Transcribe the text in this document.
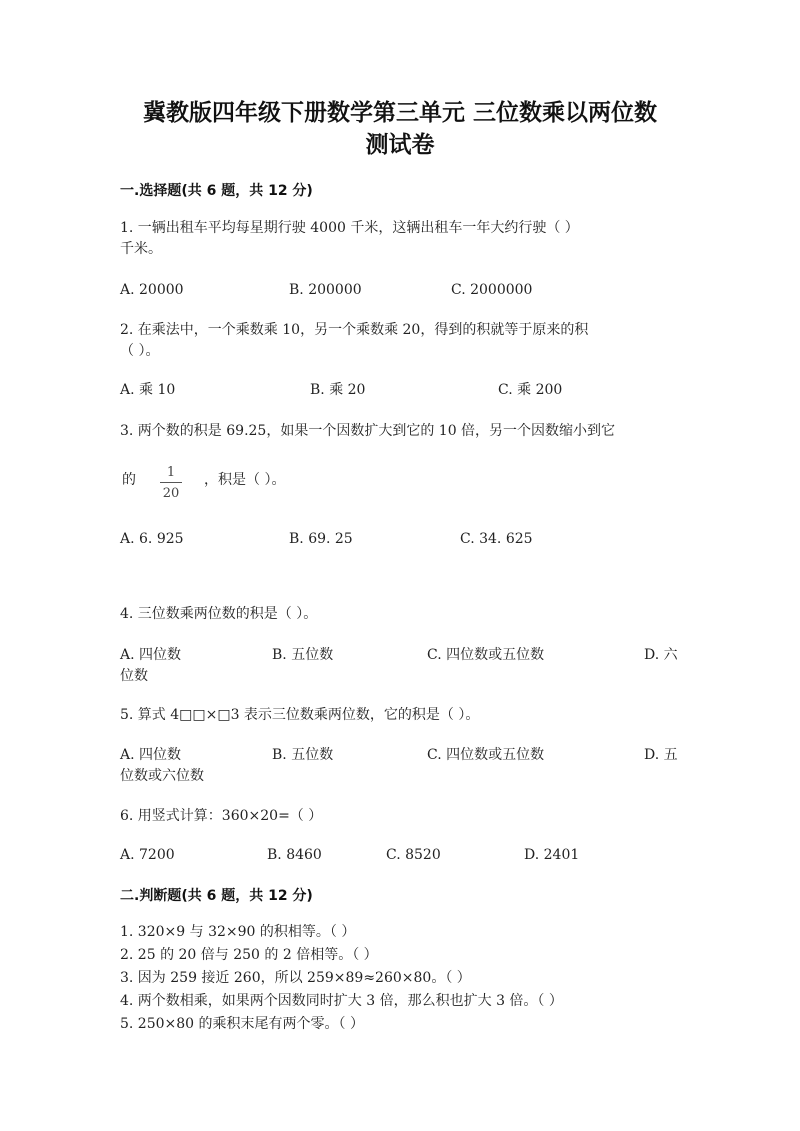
冀教版四年级下册数学第三单元 三位数乘以两位数
测试卷
一.选择题(共 6 题，共 12 分)
1. 一辆出租车平均每星期行驶 4000 千米，这辆出租车一年大约行驶（ ）
千米。
A. 20000	B. 200000	C. 2000000
2. 在乘法中，一个乘数乘 10，另一个乘数乘 20，得到的积就等于原来的积
（ ）。
A. 乘 10	B. 乘 20	C. 乘 200
3. 两个数的积是 69.25，如果一个因数扩大到它的 10 倍，另一个因数缩小到它
的	1
20
，积是（ ）。
A. 6. 925	B. 69. 25	C. 34. 625
4. 三位数乘两位数的积是（ ）。
A. 四位数	B. 五位数	C. 四位数或五位数	D. 六
位数
5. 算式 4□□×□3 表示三位数乘两位数，它的积是（ ）。
A. 四位数	B. 五位数	C. 四位数或五位数	D. 五
位数或六位数
6. 用竖式计算：360×20=（ ）
A. 7200	B. 8460	C. 8520	D. 2401
二.判断题(共 6 题，共 12 分)
1. 320×9 与 32×90 的积相等。（ ）
2. 25 的 20 倍与 250 的 2 倍相等。（ ）
3. 因为 259 接近 260，所以 259×89≈260×80。（ ）
4. 两个数相乘，如果两个因数同时扩大 3 倍，那么积也扩大 3 倍。（ ）
5. 250×80 的乘积末尾有两个零。（ ）
